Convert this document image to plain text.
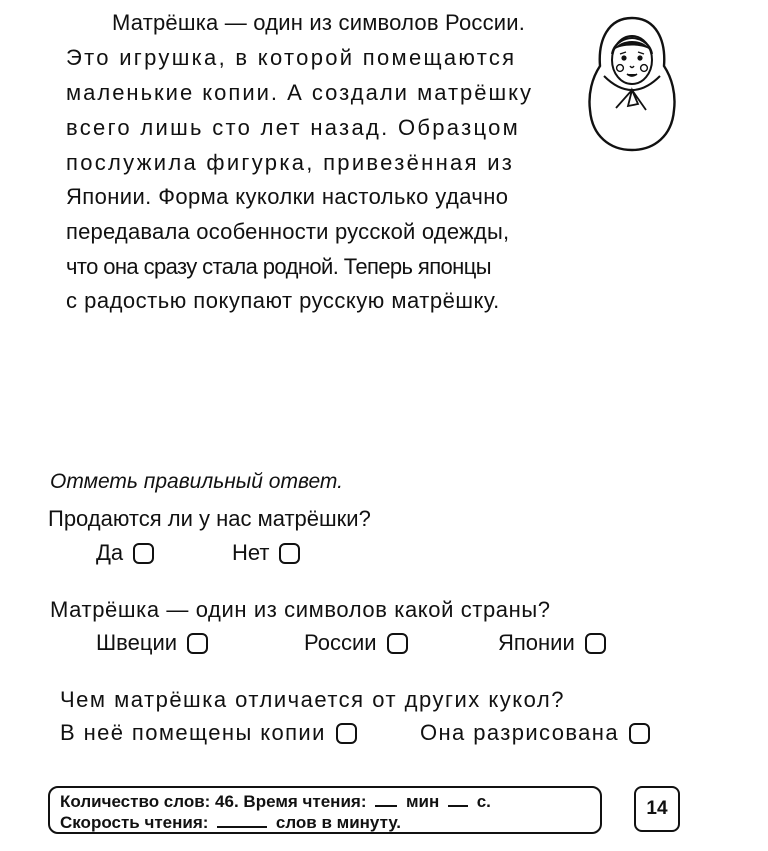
Матрёшка — один из символов России.
Это игрушка, в которой помещаются
маленькие копии. А создали матрёшку
всего лишь сто лет назад. Образцом
послужила фигурка, привезённая из
Японии. Форма куколки настолько удачно
передавала особенности русской одежды,
что она сразу стала родной. Теперь японцы
с радостью покупают русскую матрёшку.
Отметь правильный ответ.
Продаются ли у нас матрёшки?
Да	Нет
Матрёшка — один из символов какой страны?
Швеции	России	Японии
Чем матрёшка отличается от других кукол?
В неё помещены копии	Она разрисована
Количество слов: 46. Время чтения: мин с.
Скорость чтения:	слов в минуту.
14
